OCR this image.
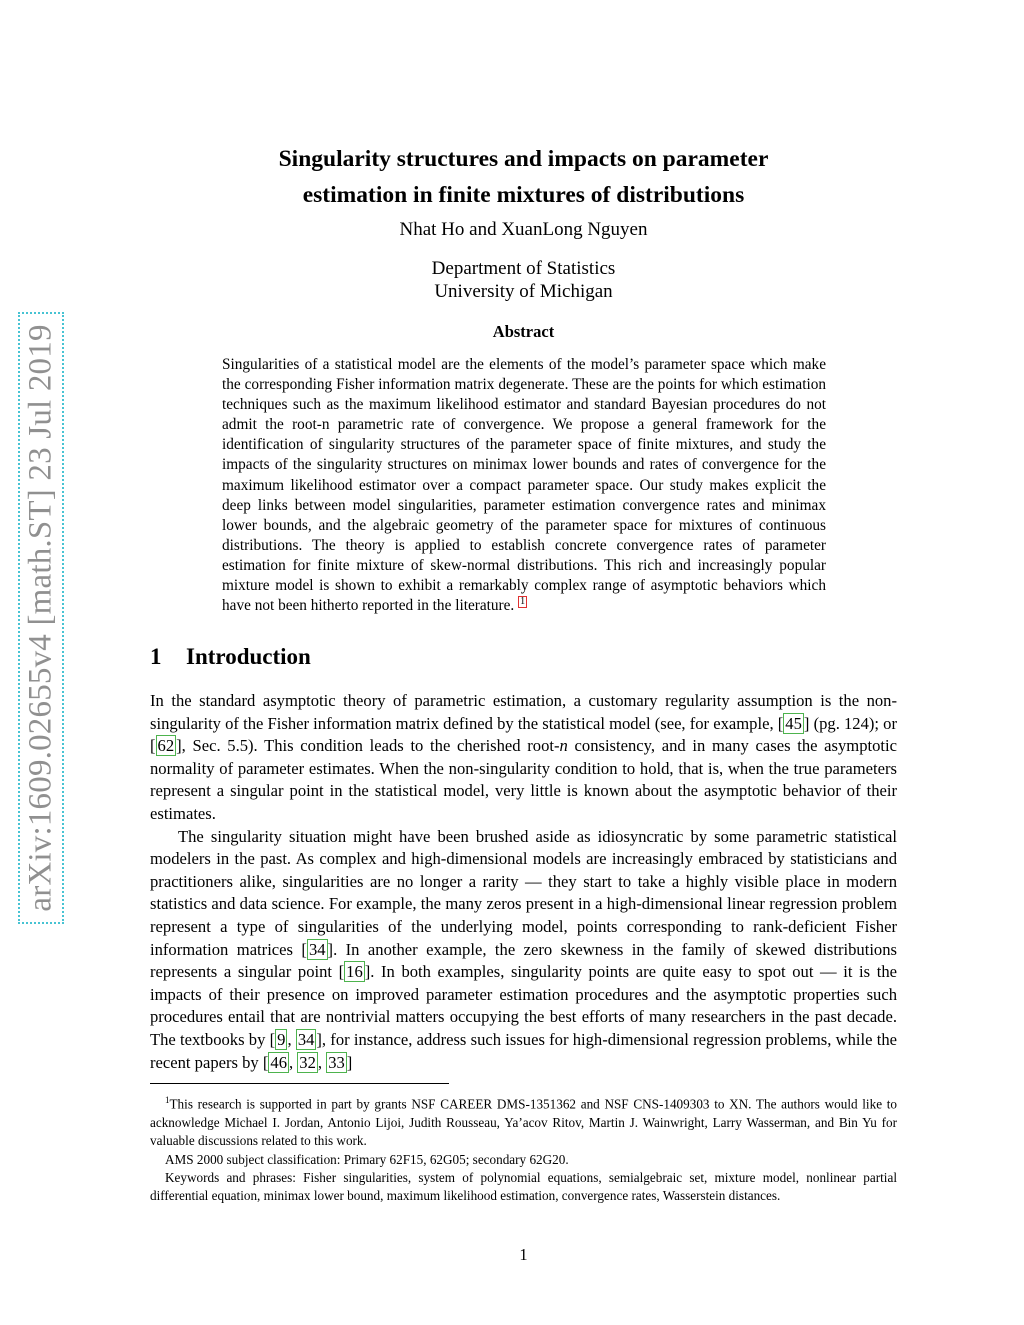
arXiv:1609.02655v4 [math.ST] 23 Jul 2019
Singularity structures and impacts on parameter
estimation in finite mixtures of distributions
Nhat Ho and XuanLong Nguyen
Department of Statistics
University of Michigan
Abstract
Singularities of a statistical model are the elements of the model’s parameter space which make the corresponding Fisher information matrix degenerate. These are the points for which estimation techniques such as the maximum likelihood estimator and standard Bayesian procedures do not admit the root-n parametric rate of convergence. We propose a general framework for the identification of singularity structures of the parameter space of finite mixtures, and study the impacts of the singularity structures on minimax lower bounds and rates of convergence for the maximum likelihood estimator over a compact parameter space. Our study makes explicit the deep links between model singularities, parameter estimation convergence rates and minimax lower bounds, and the algebraic geometry of the parameter space for mixtures of continuous distributions. The theory is applied to establish concrete convergence rates of parameter estimation for finite mixture of skew-normal distributions. This rich and increasingly popular mixture model is shown to exhibit a remarkably complex range of asymptotic behaviors which have not been hitherto reported in the literature. 1
1 Introduction

In the standard asymptotic theory of parametric estimation, a customary regularity assumption is the non-singularity of the Fisher information matrix defined by the statistical model (see, for example, [ 45 ] (pg. 124); or [ 62 ], Sec. 5.5). This condition leads to the cherished root-n consistency, and in many cases the asymptotic normality of parameter estimates. When the non-singularity condition to hold, that is, when the true parameters represent a singular point in the statistical model, very little is known about the asymptotic behavior of their estimates.

The singularity situation might have been brushed aside as idiosyncratic by some parametric statistical modelers in the past. As complex and high-dimensional models are increasingly embraced by statisticians and practitioners alike, singularities are no longer a rarity — they start to take a highly visible place in modern statistics and data science. For example, the many zeros present in a high-dimensional linear regression problem represent a type of singularities of the underlying model, points corresponding to rank-deficient Fisher information matrices [ 34 ]. In another example, the zero skewness in the family of skewed distributions represents a singular point [ 16 ]. In both examples, singularity points are quite easy to spot out — it is the impacts of their presence on improved parameter estimation procedures and the asymptotic properties such procedures entail that are nontrivial matters occupying the best efforts of many researchers in the past decade. The textbooks by [ 9 , 34 ], for instance, address such issues for high-dimensional regression problems, while the recent papers by [ 46 , 32 , 33 ]

$^1$This research is supported in part by grants NSF CAREER DMS-1351362 and NSF CNS-1409303 to XN. The authors would like to acknowledge Michael I. Jordan, Antonio Lijoi, Judith Rousseau, Ya’acov Ritov, Martin J. Wainwright, Larry Wasserman, and Bin Yu for valuable discussions related to this work.

AMS 2000 subject classification: Primary 62F15, 62G05; secondary 62G20.

Keywords and phrases: Fisher singularities, system of polynomial equations, semialgebraic set, mixture model, nonlinear partial differential equation, minimax lower bound, maximum likelihood estimation, convergence rates, Wasserstein distances.

1
